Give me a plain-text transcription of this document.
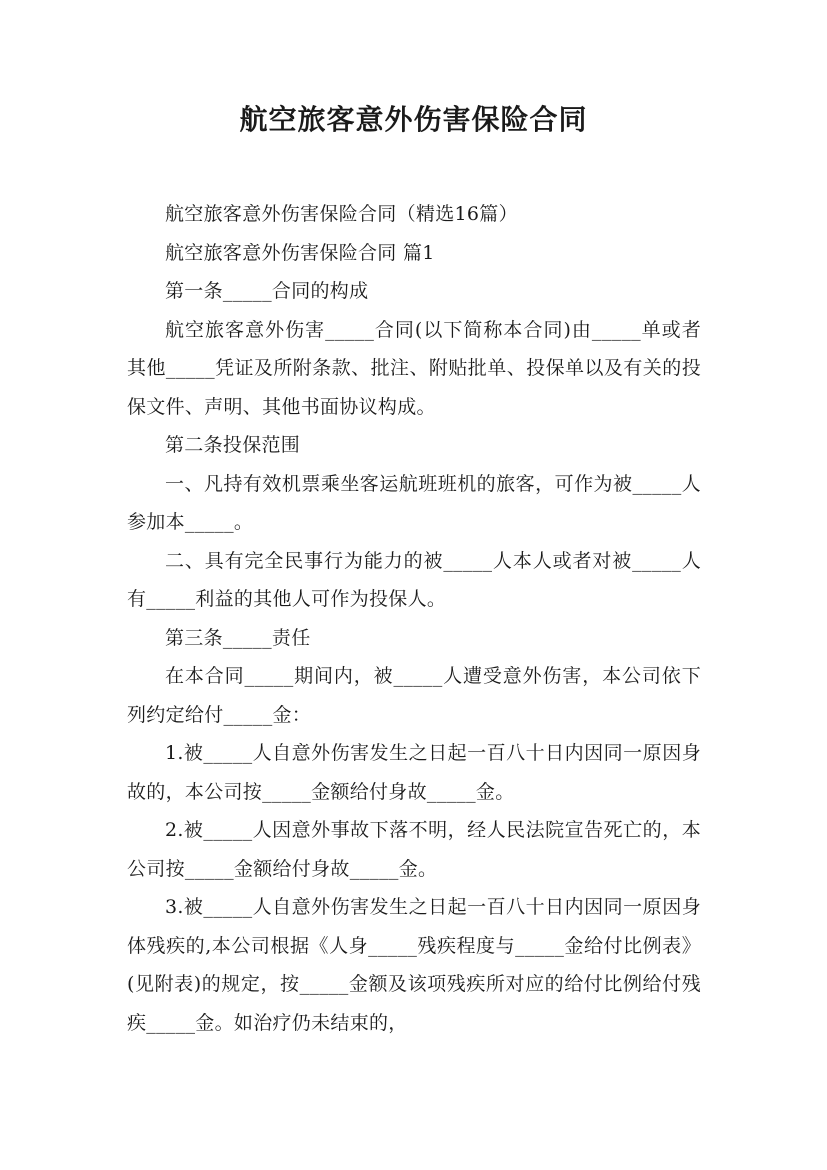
航空旅客意外伤害保险合同

航空旅客意外伤害保险合同（精选16篇）

航空旅客意外伤害保险合同 篇1

第一条_____合同的构成

航空旅客意外伤害_____合同(以下简称本合同)由_____单或者其他_____凭证及所附条款、批注、附贴批单、投保单以及有关的投保文件、声明、其他书面协议构成。

第二条投保范围

一、凡持有效机票乘坐客运航班班机的旅客，可作为被_____人参加本_____。

二、具有完全民事行为能力的被_____人本人或者对被_____人有_____利益的其他人可作为投保人。

第三条_____责任

在本合同_____期间内，被_____人遭受意外伤害，本公司依下列约定给付_____金：

1.被_____人自意外伤害发生之日起一百八十日内因同一原因身故的，本公司按_____金额给付身故_____金。

2.被_____人因意外事故下落不明，经人民法院宣告死亡的，本公司按_____金额给付身故_____金。

3.被_____人自意外伤害发生之日起一百八十日内因同一原因身体残疾的,本公司根据《人身_____残疾程度与_____金给付比例表》(见附表)的规定，按_____金额及该项残疾所对应的给付比例给付残疾_____金。如治疗仍未结束的，
